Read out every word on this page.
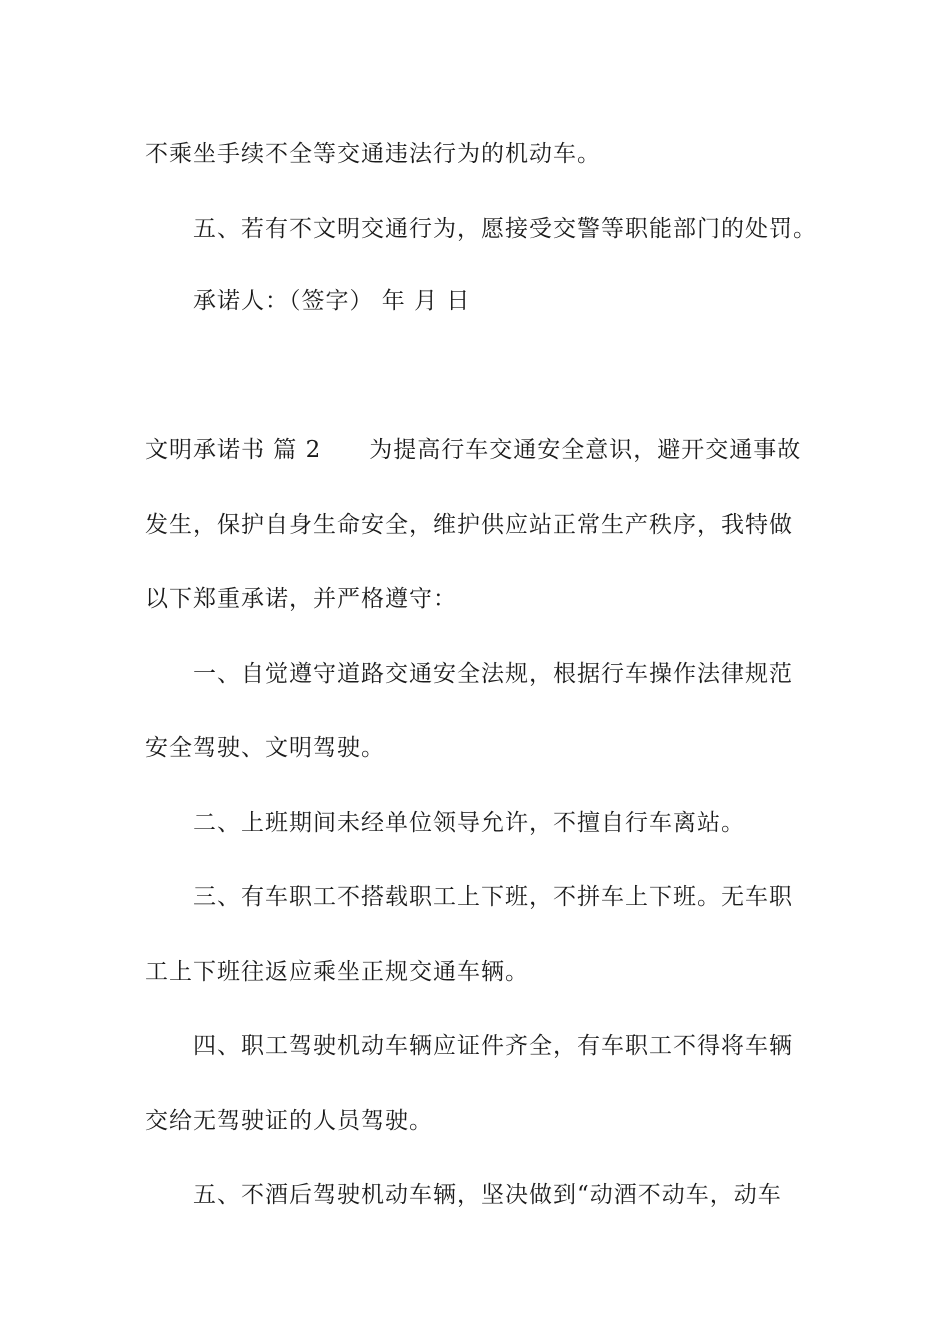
不乘坐手续不全等交通违法行为的机动车。
五、若有不文明交通行为，愿接受交警等职能部门的处罚。
承诺人：（签字） 年 月 日
文明承诺书 篇 2 为提高行车交通安全意识，避开交通事故
发生，保护自身生命安全，维护供应站正常生产秩序，我特做
以下郑重承诺，并严格遵守：
一、自觉遵守道路交通安全法规，根据行车操作法律规范
安全驾驶、文明驾驶。
二、上班期间未经单位领导允许，不擅自行车离站。
三、有车职工不搭载职工上下班，不拼车上下班。无车职
工上下班往返应乘坐正规交通车辆。
四、职工驾驶机动车辆应证件齐全，有车职工不得将车辆
交给无驾驶证的人员驾驶。
五、不酒后驾驶机动车辆，坚决做到“动酒不动车，动车
